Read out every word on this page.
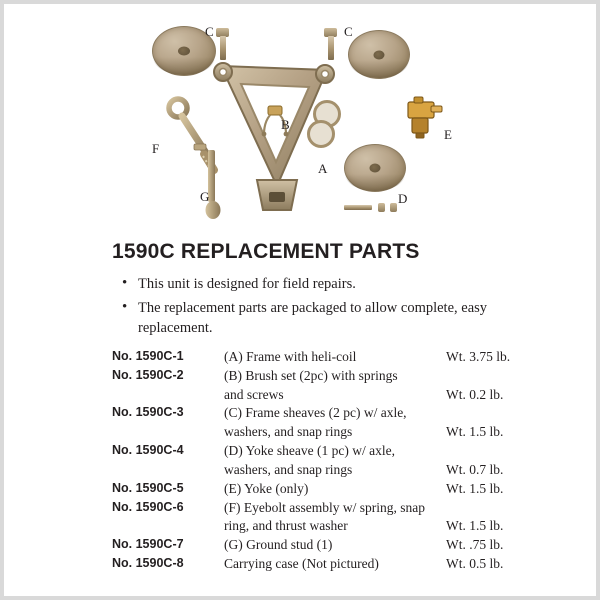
C	C
B
A
E
D
F
G
1590C REPLACEMENT PARTS
• This unit is designed for field repairs.
• The replacement parts are packaged to allow complete, easy replacement.
No. 1590C-1	(A) Frame with heli-coil	Wt. 3.75 lb.
No. 1590C-2	(B) Brush set (2pc) with springs	
	and screws	Wt. 0.2 lb.
No. 1590C-3	(C) Frame sheaves (2 pc) w/ axle,	
	washers, and snap rings	Wt. 1.5 lb.
No. 1590C-4	(D) Yoke sheave (1 pc) w/ axle,	
	washers, and snap rings	Wt. 0.7 lb.
No. 1590C-5	(E) Yoke (only)	Wt. 1.5 lb.
No. 1590C-6	(F) Eyebolt assembly w/ spring, snap	
	ring, and thrust washer	Wt. 1.5 lb.
No. 1590C-7	(G) Ground stud (1)	Wt. .75 lb.
No. 1590C-8	Carrying case (Not pictured)	Wt. 0.5 lb.
